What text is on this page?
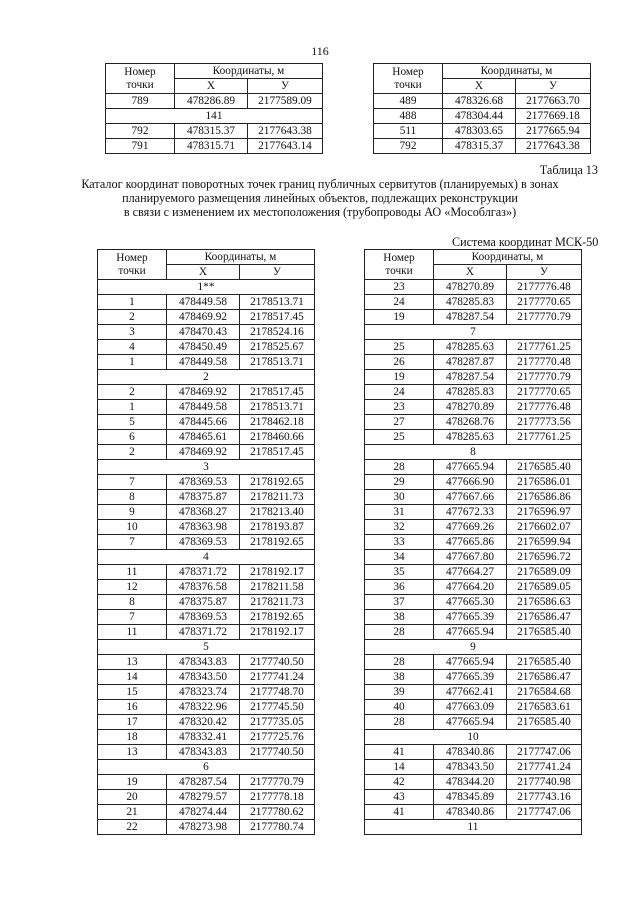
116
Номер
точки	Координаты, м	
	X	У
789	478286.89	2177589.09
141		
792	478315.37	2177643.38
791	478315.71	2177643.14
Номер
точки	Координаты, м	
	X	У
489	478326.68	2177663.70
488	478304.44	2177669.18
511	478303.65	2177665.94
792	478315.37	2177643.38
Таблица 13
Каталог координат поворотных точек границ публичных сервитутов (планируемых) в зонах
планируемого размещения линейных объектов, подлежащих реконструкции
в связи с изменением их местоположения (трубопроводы АО «Мособлгаз»)
Система координат МСК-50
Номер
точки	Координаты, м	
	X	У
1**		
1	478449.58	2178513.71
2	478469.92	2178517.45
3	478470.43	2178524.16
4	478450.49	2178525.67
1	478449.58	2178513.71
2		
2	478469.92	2178517.45
1	478449.58	2178513.71
5	478445.66	2178462.18
6	478465.61	2178460.66
2	478469.92	2178517.45
3		
7	478369.53	2178192.65
8	478375.87	2178211.73
9	478368.27	2178213.40
10	478363.98	2178193.87
7	478369.53	2178192.65
4		
11	478371.72	2178192.17
12	478376.58	2178211.58
8	478375.87	2178211.73
7	478369.53	2178192.65
11	478371.72	2178192.17
5		
13	478343.83	2177740.50
14	478343.50	2177741.24
15	478323.74	2177748.70
16	478322.96	2177745.50
17	478320.42	2177735.05
18	478332.41	2177725.76
13	478343.83	2177740.50
6		
19	478287.54	2177770.79
20	478279.57	2177778.18
21	478274.44	2177780.62
22	478273.98	2177780.74
Номер
точки	Координаты, м	
	X	У
23	478270.89	2177776.48
24	478285.83	2177770.65
19	478287.54	2177770.79
7		
25	478285.63	2177761.25
26	478287.87	2177770.48
19	478287.54	2177770.79
24	478285.83	2177770.65
23	478270.89	2177776.48
27	478268.76	2177773.56
25	478285.63	2177761.25
8		
28	477665.94	2176585.40
29	477666.90	2176586.01
30	477667.66	2176586.86
31	477672.33	2176596.97
32	477669.26	2176602.07
33	477665.86	2176599.94
34	477667.80	2176596.72
35	477664.27	2176589.09
36	477664.20	2176589.05
37	477665.30	2176586.63
38	477665.39	2176586.47
28	477665.94	2176585.40
9		
28	477665.94	2176585.40
38	477665.39	2176586.47
39	477662.41	2176584.68
40	477663.09	2176583.61
28	477665.94	2176585.40
10		
41	478340.86	2177747.06
14	478343.50	2177741.24
42	478344.20	2177740.98
43	478345.89	2177743.16
41	478340.86	2177747.06
11		
